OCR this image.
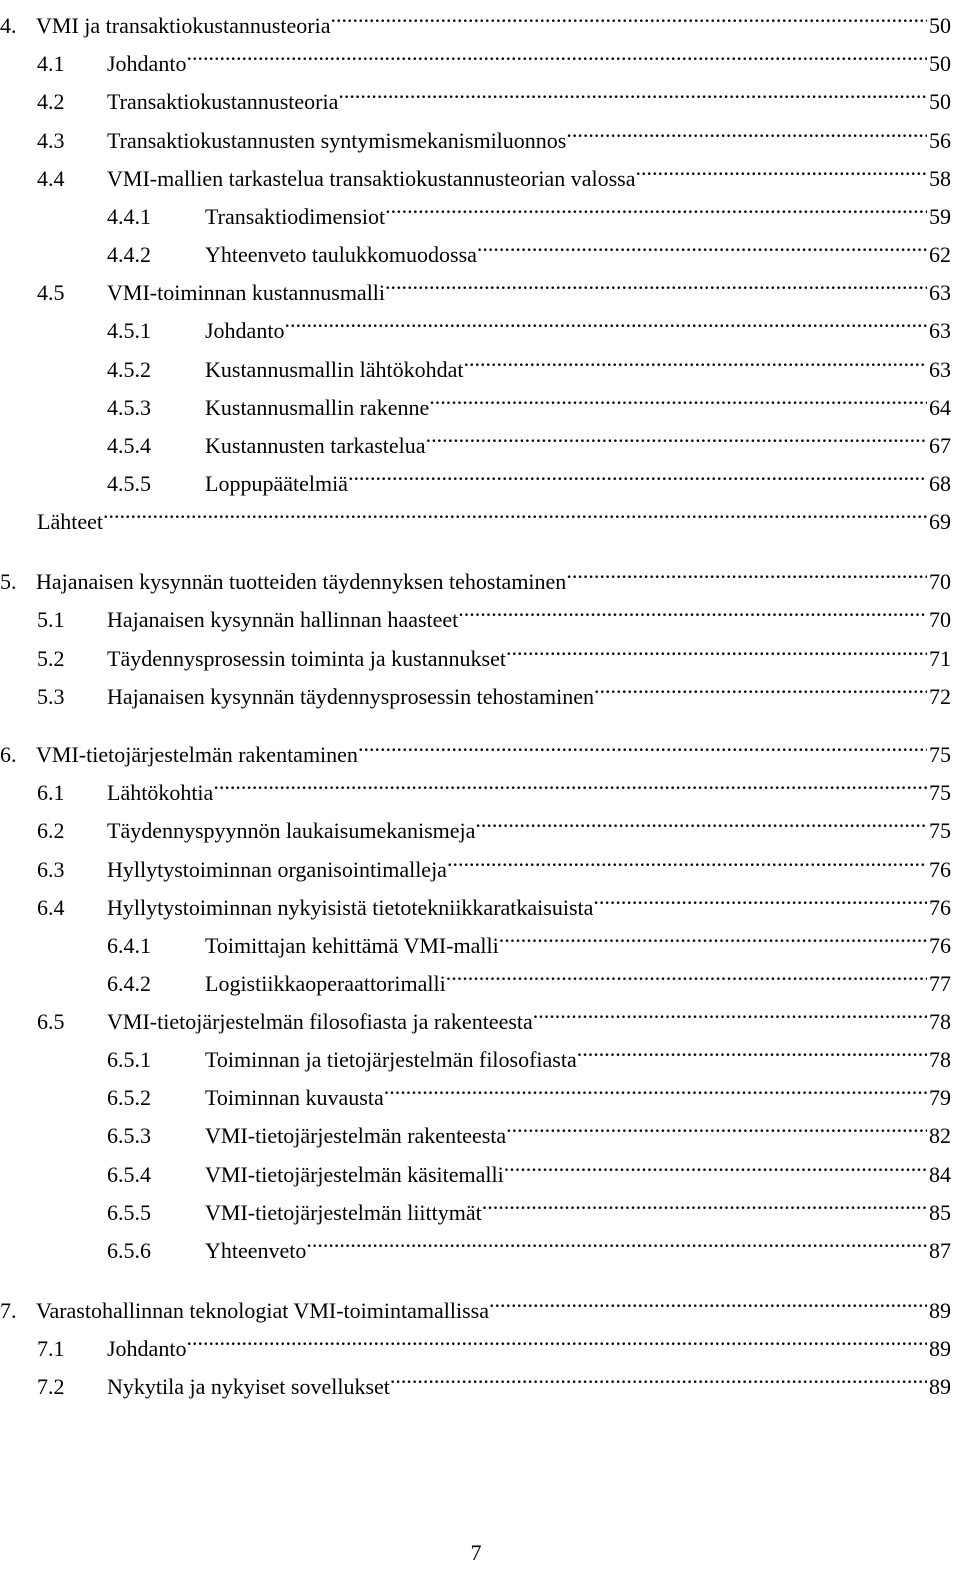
4. VMI ja transaktiokustannusteoria .....	50
4.1	Johdanto .....	50
4.2	Transaktiokustannusteoria .....	50
4.3	Transaktiokustannusten syntymismekanismiluonnos .....	56
4.4	VMI-mallien tarkastelua transaktiokustannusteorian valossa .....	58
4.4.1	Transaktiodimensiot .....	59
4.4.2	Yhteenveto taulukkomuodossa .....	62
4.5	VMI-toiminnan kustannusmalli .....	63
4.5.1	Johdanto .....	63
4.5.2	Kustannusmallin lähtökohdat .....	63
4.5.3	Kustannusmallin rakenne .....	64
4.5.4	Kustannusten tarkastelua .....	67
4.5.5	Loppupäätelmiä .....	68
Lähteet .....	69
5. Hajanaisen kysynnän tuotteiden täydennyksen tehostaminen .....	70
5.1	Hajanaisen kysynnän hallinnan haasteet .....	70
5.2	Täydennysprosessin toiminta ja kustannukset .....	71
5.3	Hajanaisen kysynnän täydennysprosessin tehostaminen .....	72
6. VMI-tietojärjestelmän rakentaminen .....	75
6.1	Lähtökohtia .....	75
6.2	Täydennyspyynnön laukaisumekanismeja .....	75
6.3	Hyllytystoiminnan organisointimalleja .....	76
6.4	Hyllytystoiminnan nykyisistä tietotekniikkaratkaisuista .....	76
6.4.1	Toimittajan kehittämä VMI-malli .....	76
6.4.2	Logistiikkaoperaattorimalli .....	77
6.5	VMI-tietojärjestelmän filosofiasta ja rakenteesta .....	78
6.5.1	Toiminnan ja tietojärjestelmän filosofiasta .....	78
6.5.2	Toiminnan kuvausta .....	79
6.5.3	VMI-tietojärjestelmän rakenteesta .....	82
6.5.4	VMI-tietojärjestelmän käsitemalli .....	84
6.5.5	VMI-tietojärjestelmän liittymät .....	85
6.5.6	Yhteenveto .....	87
7. Varastohallinnan teknologiat VMI-toimintamallissa .....	89
7.1	Johdanto .....	89
7.2	Nykytila ja nykyiset sovellukset .....	89
7
